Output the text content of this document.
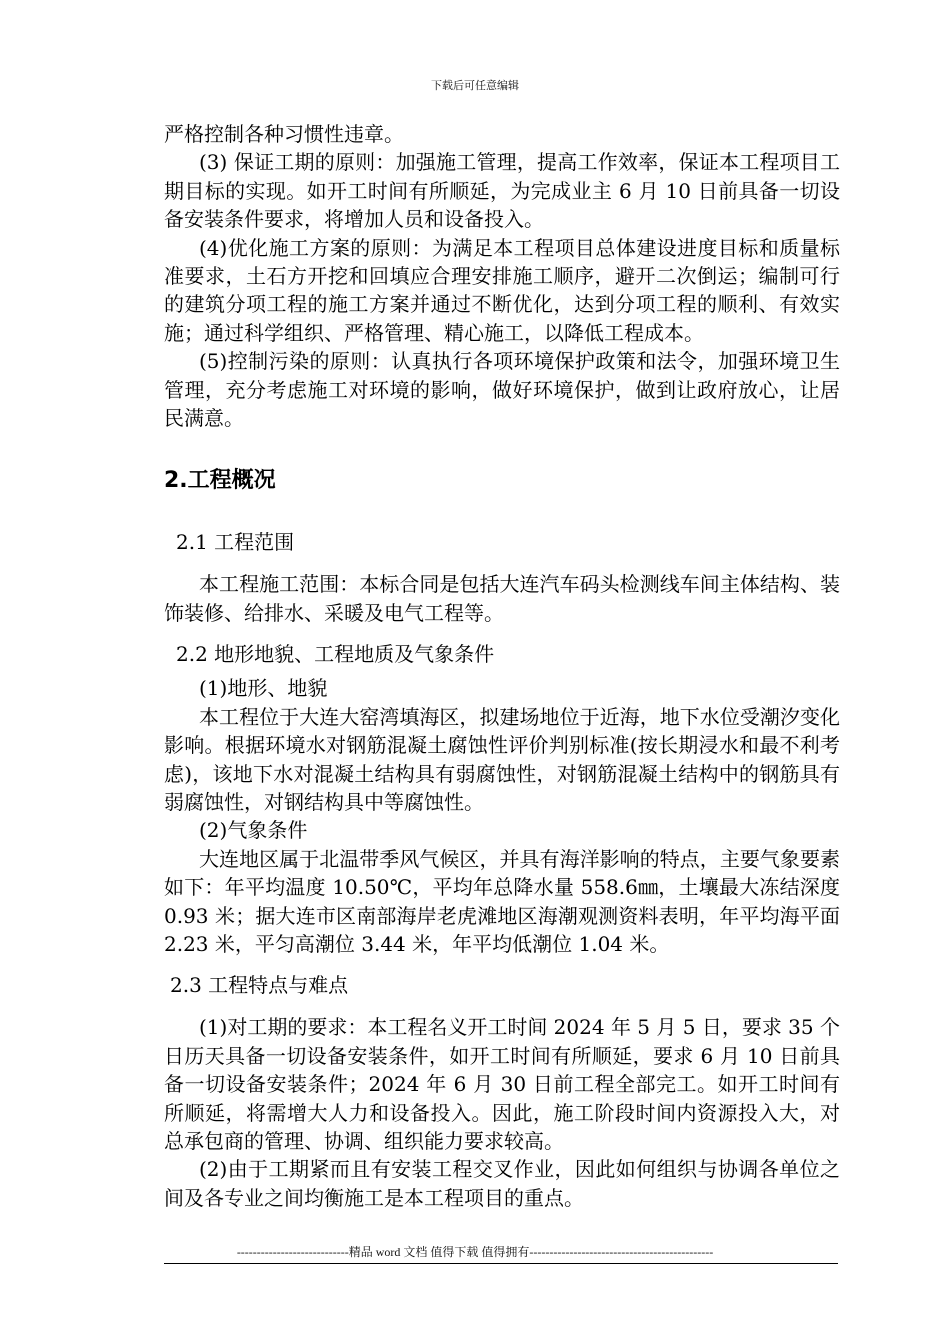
下载后可任意编辑

严格控制各种习惯性违章。

(3) 保证工期的原则：加强施工管理，提高工作效率，保证本工程项目工期目标的实现。如开工时间有所顺延，为完成业主 6 月 10 日前具备一切设备安装条件要求，将增加人员和设备投入。

(4)优化施工方案的原则：为满足本工程项目总体建设进度目标和质量标准要求，土石方开挖和回填应合理安排施工顺序，避开二次倒运；编制可行的建筑分项工程的施工方案并通过不断优化，达到分项工程的顺利、有效实施；通过科学组织、严格管理、精心施工，以降低工程成本。

(5)控制污染的原则：认真执行各项环境保护政策和法令，加强环境卫生管理，充分考虑施工对环境的影响，做好环境保护，做到让政府放心，让居民满意。

2.工程概况

2.1 工程范围

本工程施工范围：本标合同是包括大连汽车码头检测线车间主体结构、装饰装修、给排水、采暖及电气工程等。

2.2 地形地貌、工程地质及气象条件

(1)地形、地貌

本工程位于大连大窑湾填海区，拟建场地位于近海，地下水位受潮汐变化影响。根据环境水对钢筋混凝土腐蚀性评价判别标准(按长期浸水和最不利考虑)，该地下水对混凝土结构具有弱腐蚀性，对钢筋混凝土结构中的钢筋具有弱腐蚀性，对钢结构具中等腐蚀性。

(2)气象条件

大连地区属于北温带季风气候区，并具有海洋影响的特点，主要气象要素如下：年平均温度 10.50℃，平均年总降水量 558.6㎜，土壤最大冻结深度 0.93 米；据大连市区南部海岸老虎滩地区海潮观测资料表明，年平均海平面 2.23 米，平匀高潮位 3.44 米，年平均低潮位 1.04 米。

2.3 工程特点与难点

(1)对工期的要求：本工程名义开工时间 2024 年 5 月 5 日，要求 35 个日历天具备一切设备安装条件，如开工时间有所顺延，要求 6 月 10 日前具备一切设备安装条件；2024 年 6 月 30 日前工程全部完工。如开工时间有所顺延，将需增大人力和设备投入。因此，施工阶段时间内资源投入大，对总承包商的管理、协调、组织能力要求较高。

(2)由于工期紧而且有安装工程交叉作业，因此如何组织与协调各单位之间及各专业之间均衡施工是本工程项目的重点。

----------------------------精品 word 文档 值得下载 值得拥有----------------------------------------------
